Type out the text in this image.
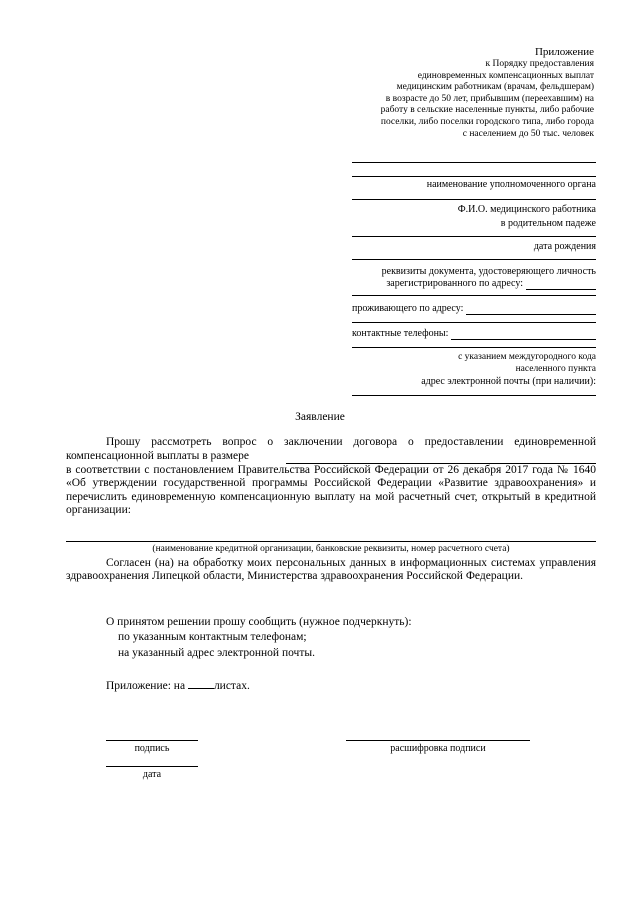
Приложение
к Порядку предоставления
единовременных компенсационных выплат
медицинским работникам (врачам, фельдшерам)
в возрасте до 50 лет, прибывшим (переехавшим) на
работу в сельские населенные пункты, либо рабочие
поселки, либо поселки городского типа, либо города
с населением до 50 тыс. человек
наименование уполномоченного органа
Ф.И.О. медицинского работника
в родительном падеже
дата рождения
реквизиты документа, удостоверяющего личность
зарегистрированного по адресу:
проживающего по адресу:
контактные телефоны:
с указанием междугородного кода
населенного пункта
адрес электронной почты (при наличии):
Заявление
Прошу рассмотреть вопрос о заключении договора о предоставлении единовременной
компенсационной выплаты в размере
в соответствии с постановлением Правительства Российской Федерации от 26 декабря 2017 года № 1640 «Об утверждении государственной программы Российской Федерации «Развитие здравоохранения» и перечислить единовременную компенсационную выплату на мой расчетный счет, открытый в кредитной организации:
(наименование кредитной организации, банковские реквизиты, номер расчетного счета)
Согласен (на) на обработку моих персональных данных в информационных системах управления здравоохранения Липецкой области, Министерства здравоохранения Российской Федерации.
О принятом решении прошу сообщить (нужное подчеркнуть):
по указанным контактным телефонам;
на указанный адрес электронной почты.
Приложение: на	листах.
подпись	расшифровка подписи
дата
